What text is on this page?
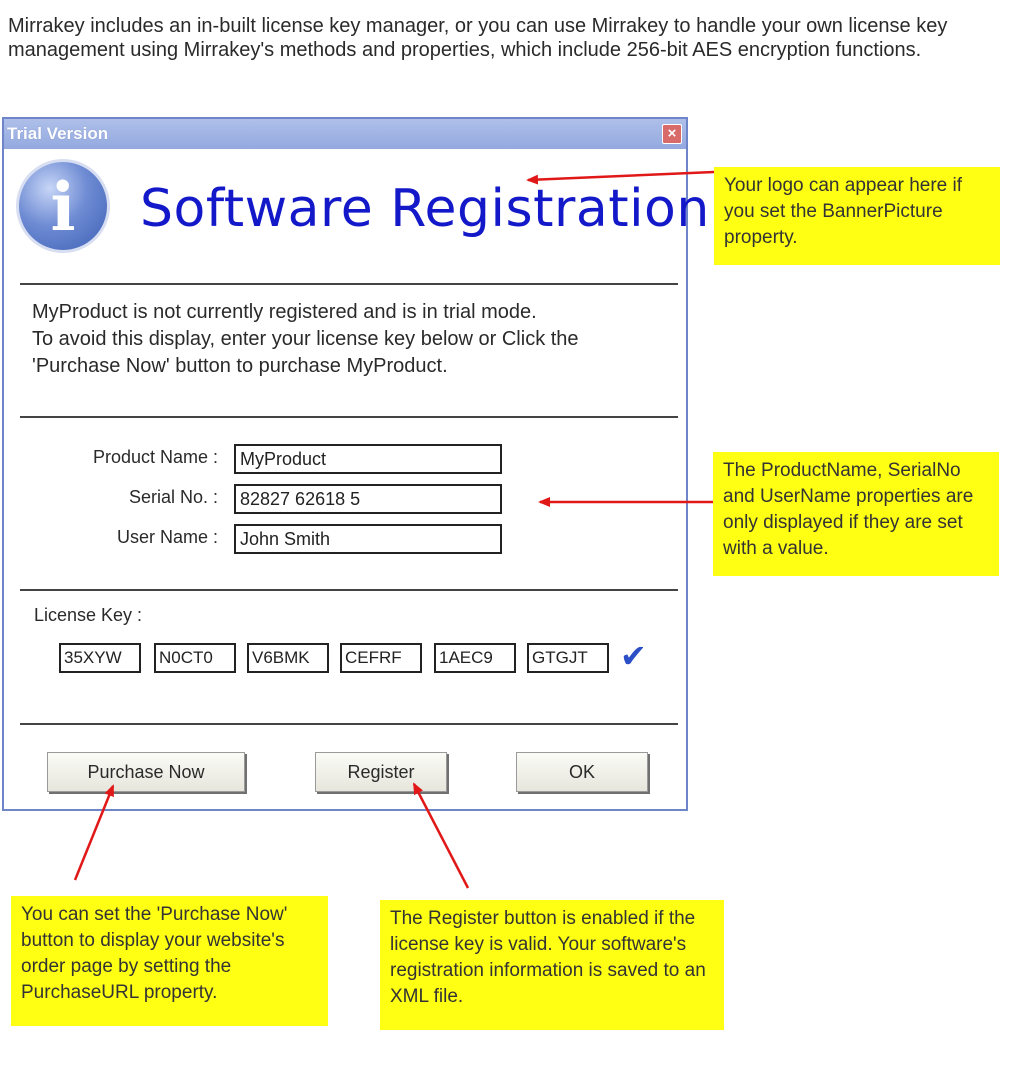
Mirrakey includes an in-built license key manager, or you can use Mirrakey to handle your own license key management using Mirrakey's methods and properties, which include 256-bit AES encryption functions.

Trial Version	×
i	Software Registration
MyProduct is not currently registered and is in trial mode.
To avoid this display, enter your license key below or Click the
'Purchase Now' button to purchase MyProduct.
Product Name :
MyProduct
Serial No. :
82827 62618 5
User Name :
John Smith
License Key :
35XYW
N0CT0
V6BMK
CEFRF
1AEC9
GTGJT
✔
Purchase Now	Register	OK
Your logo can appear here if you set the BannerPicture property.
The ProductName, SerialNo and UserName properties are only displayed if they are set with a value.
You can set the 'Purchase Now' button to display your website's order page by setting the PurchaseURL property.
The Register button is enabled if the license key is valid. Your software's registration information is saved to an XML file.
